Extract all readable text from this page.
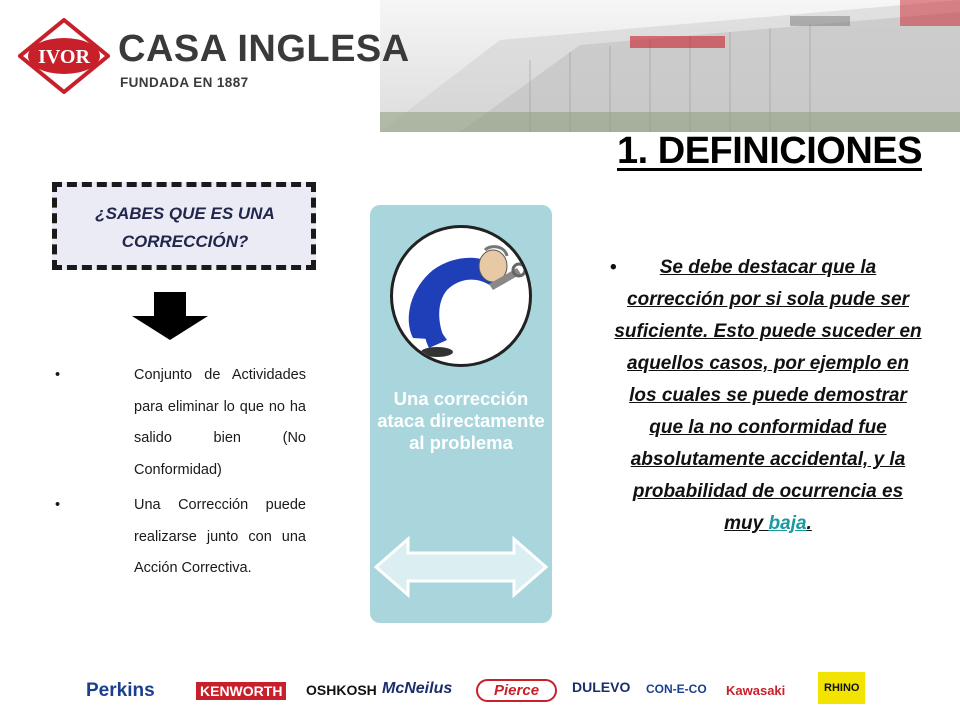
IVOR CASA INGLESA
FUNDADA EN 1887
1. DEFINICIONES
¿SABES QUE ES UNA CORRECCIÓN?
•	Conjunto de Actividades para eliminar lo que no ha salido bien (No Conformidad)
•	Una Corrección puede realizarse junto con una Acción Correctiva.
Una corrección ataca directamente al problema
• Se debe destacar que la corrección por si sola pude ser suficiente. Esto puede suceder en aquellos casos, por ejemplo en los cuales se puede demostrar que la no conformidad fue absolutamente accidental, y la probabilidad de ocurrencia es muy baja.
Perkins	KENWORTH OSHKOSH McNeilus	Pierce	DULEVO CON-E-CO Kawasaki	RHINO
